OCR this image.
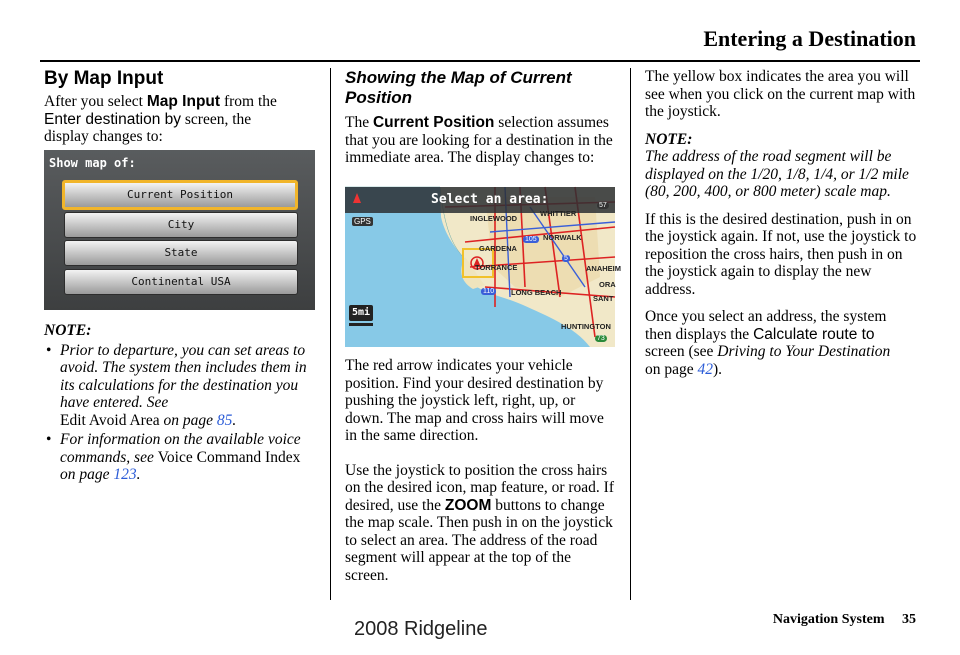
Entering a Destination
By Map Input

After you select Map Input from the
Enter destination by screen, the
display changes to:

Show map of:
Current Position
City
State
Continental USA
NOTE:
• Prior to departure, you can set areas to avoid. The system then includes them in its calculations for the destination you have entered. See
Edit Avoid Area on page 85.
• For information on the available voice commands, see Voice Command Index on page 123.
Showing the Map of Current Position

The Current Position selection assumes that you are looking for a destination in the immediate area. The display changes to:

Select an area:
GPS
5mi
INGLEWOOD
WHITTIER
NORWALK
GARDENA
TORRANCE
LONG BEACH
ANAHEIM
HUNTINGTON
ORA
SANT
57
105
5
110
73

The red arrow indicates your vehicle position. Find your desired destination by pushing the joystick left, right, up, or down. The map and cross hairs will move in the same direction.

Use the joystick to position the cross hairs on the desired icon, map feature, or road. If desired, use the ZOOM buttons to change the map scale. Then push in on the joystick to select an area. The address of the road segment will appear at the top of the screen.

The yellow box indicates the area you will see when you click on the current map with the joystick.

NOTE:

The address of the road segment will be displayed on the 1/20, 1/8, 1/4, or 1/2 mile (80, 200, 400, or 800 meter) scale map.

If this is the desired destination, push in on the joystick again. If not, use the joystick to reposition the cross hairs, then push in on the joystick again to display the new address.

Once you select an address, the system then displays the Calculate route to
screen (see Driving to Your Destination
on page 42).

Navigation System 35
2008 Ridgeline
